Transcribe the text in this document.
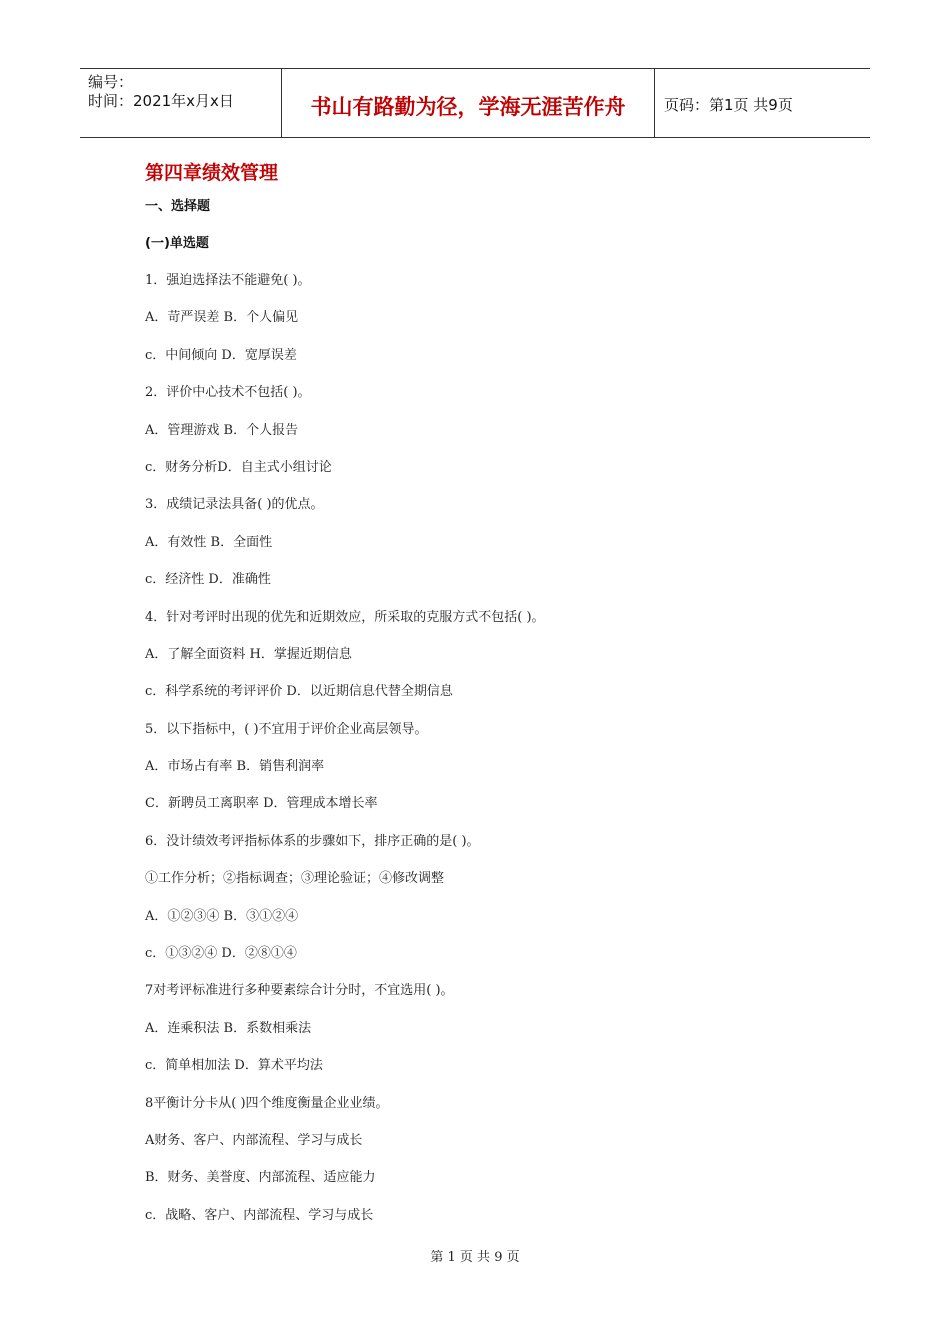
编号：
时间：2021年x月x日	书山有路勤为径，学海无涯苦作舟	页码：第1页 共9页
第四章绩效管理
一、选择题
(一)单选题
1．强迫选择法不能避免( )。
A．苛严误差 B．个人偏见
c．中间倾向 D．宽厚误差
2．评价中心技术不包括( )。
A．管理游戏 B．个人报告
c．财务分析D．自主式小组讨论
3．成绩记录法具备( )的优点。
A．有效性 B．全面性
c．经济性 D．准确性
4．针对考评时出现的优先和近期效应，所采取的克服方式不包括( )。
A．了解全面资料 H．掌握近期信息
c．科学系统的考评评价 D．以近期信息代替全期信息
5．以下指标中，( )不宜用于评价企业高层领导。
A．市场占有率 B．销售利润率
C．新聘员工离职率 D．管理成本增长率
6．没计绩效考评指标体系的步骤如下，排序正确的是( )。
①工作分析；②指标调查；③理论验证；④修改调整
A．①②③④ B．③①②④
c．①③②④ D．②⑧①④
7对考评标准进行多种要素综合计分时，不宜选用( )。
A．连乘积法 B．系数相乘法
c．简单相加法 D．算术平均法
8平衡计分卡从( )四个维度衡量企业业绩。
A财务、客户、内部流程、学习与成长
B．财务、美誉度、内部流程、适应能力
c．战略、客户、内部流程、学习与成长
第 1 页 共 9 页
